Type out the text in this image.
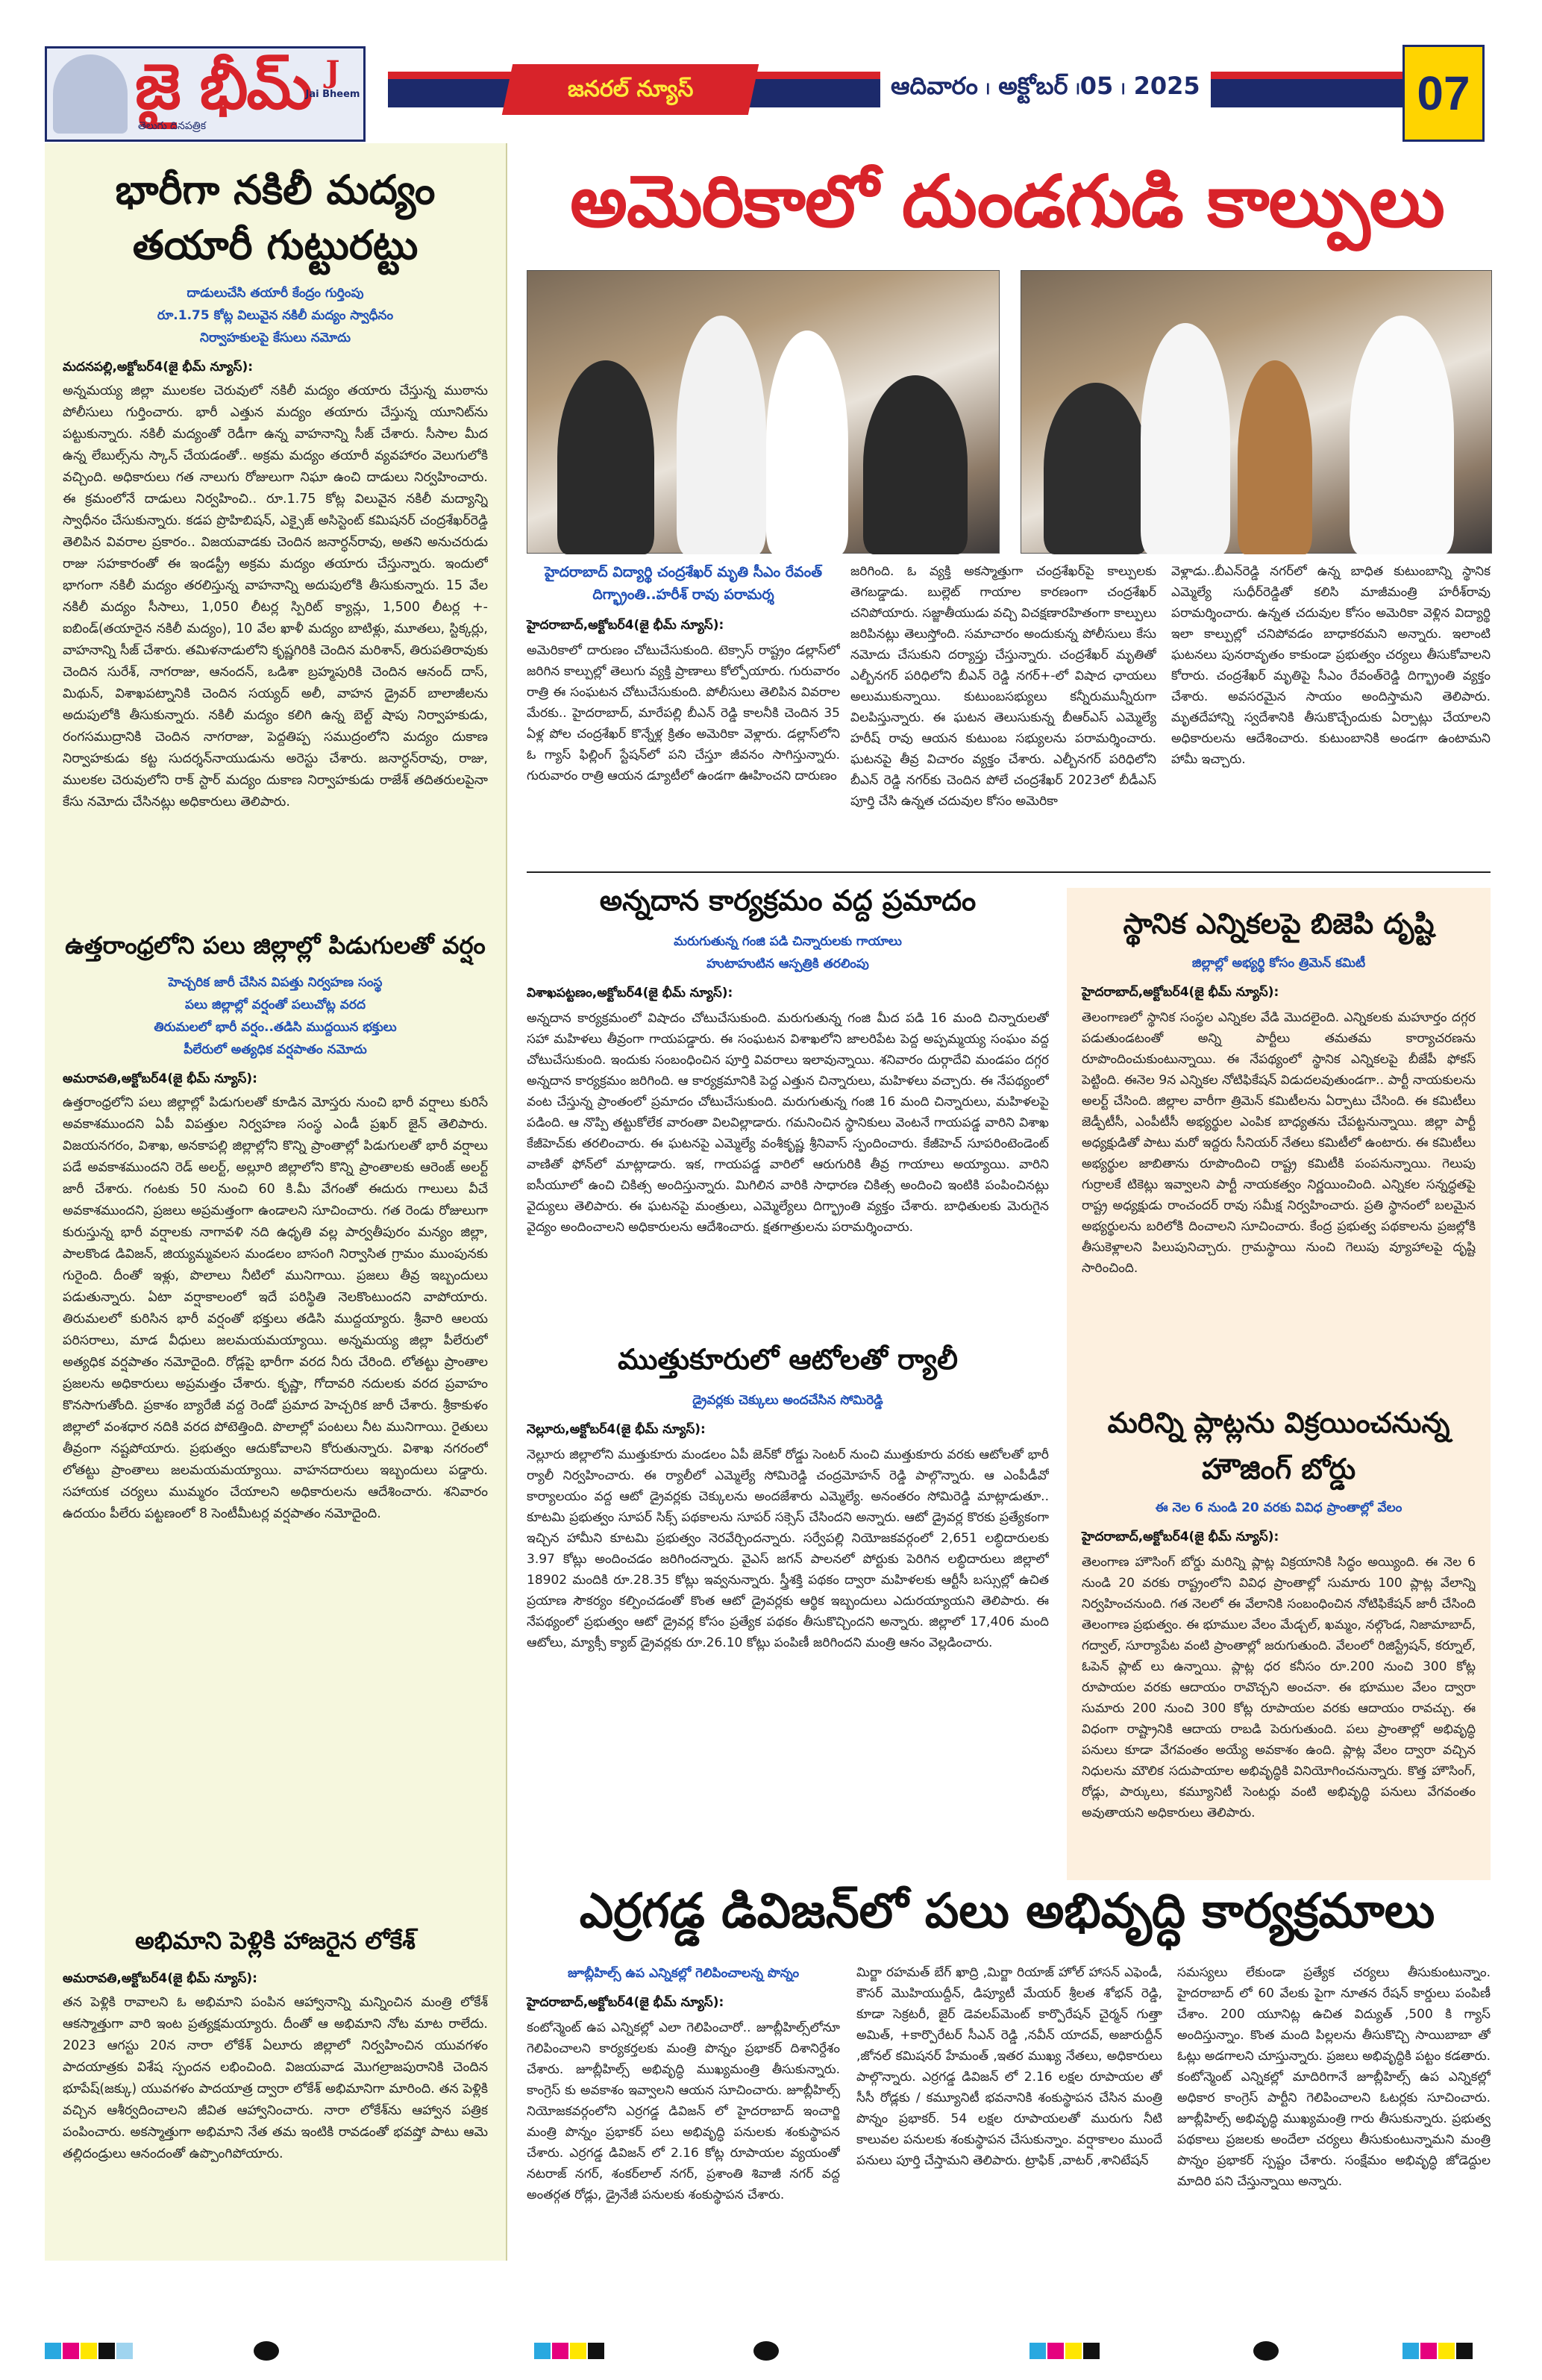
జై భీమ్
తెలుగు దినపత్రిక
J
Jai Bheem	జనరల్ న్యూస్	ఆదివారం ၊ అక్టోబర్ ၊05 ၊ 2025	07
భారీగా నకిలీ మద్యం తయారీ గుట్టురట్టు
దాడులుచేసి తయారీ కేంద్రం గుర్తింపు
రూ.1.75 కోట్ల విలువైన నకిలీ మద్యం స్వాధీనం
నిర్వాహకులపై కేసులు నమోదు
మదనపల్లి,అక్టోబర్4(జై భీమ్ న్యూస్):
అన్నమయ్య జిల్లా ములకల చెరువులో నకిలీ మద్యం తయారు చేస్తున్న ముఠాను పోలీసులు గుర్తించారు. భారీ ఎత్తున మద్యం తయారు చేస్తున్న యూనిట్‌ను పట్టుకున్నారు. నకిలీ మద్యంతో రెడీగా ఉన్న వాహనాన్ని సీజ్ చేశారు. సీసాల మీద ఉన్న లేబుల్స్‌ను స్కాన్ చేయడంతో.. అక్రమ మద్యం తయారీ వ్యవహారం వెలుగులోకి వచ్చింది. అధికారులు గత నాలుగు రోజులుగా నిఘా ఉంచి దాడులు నిర్వహించారు. ఈ క్రమంలోనే దాడులు నిర్వహించి.. రూ.1.75 కోట్ల విలువైన నకిలీ మద్యాన్ని స్వాధీనం చేసుకున్నారు. కడప ప్రొహిబిషన్, ఎక్సైజ్ అసిస్టెంట్ కమిషనర్ చంద్రశేఖర్‌రెడ్డి తెలిపిన వివరాల ప్రకారం.. విజయవాడకు చెందిన జనార్ధన్‌రావు, అతని అనుచరుడు రాజు సహకారంతో ఈ ఇండస్ట్రీ అక్రమ మద్యం తయారు చేస్తున్నారు. ఇందులో భాగంగా నకిలీ మద్యం తరలిస్తున్న వాహనాన్ని అదుపులోకి తీసుకున్నారు. 15 వేల నకిలీ మద్యం సీసాలు, 1,050 లీటర్ల స్పిరిట్ క్యాన్లు, 1,500 లీటర్ల +-ఐబిండ్(తయారైన నకిలీ మద్యం), 10 వేల ఖాళీ మద్యం బాటిళ్లు, మూతలు, స్టిక్కర్లు, వాహనాన్ని సీజ్ చేశారు. తమిళనాడులోని కృష్ణగిరికి చెందిన మరిశాన్, తిరుపతిరావుకు చెందిన సురేశ్, నాగరాజు, ఆనందన్, ఒడిశా బ్రహ్మపురికి చెందిన ఆనంద్ దాస్, మిథున్, విశాఖపట్నానికి చెందిన సయ్యద్ అలీ, వాహన డ్రైవర్ బాలాజీలను అదుపులోకి తీసుకున్నారు. నకిలీ మద్యం కలిగి ఉన్న బెల్ట్ షాపు నిర్వాహకుడు, రంగసముద్రానికి చెందిన నాగరాజు, పెద్దతిప్ప సముద్రంలోని మద్యం దుకాణ నిర్వాహకుడు కట్ట సుదర్శన్‌నాయుడును అరెస్టు చేశారు. జనార్ధన్‌రావు, రాజు, ములకల చెరువులోని రాక్ స్టార్ మద్యం దుకాణ నిర్వాహకుడు రాజేశ్ తదితరులపైనా కేసు నమోదు చేసినట్లు అధికారులు తెలిపారు.
ఉత్తరాంధ్రలోని పలు జిల్లాల్లో పిడుగులతో వర్షం
హెచ్చరిక జారీ చేసిన విపత్తు నిర్వహణ సంస్థ
పలు జిల్లాల్లో వర్షంతో పలుచోట్ల వరద
తిరుమలలో భారీ వర్షం..తడిసి ముద్దయిన భక్తులు
పీలేరులో అత్యధిక వర్షపాతం నమోదు
అమరావతి,అక్టోబర్4(జై భీమ్ న్యూస్):
ఉత్తరాంధ్రలోని పలు జిల్లాల్లో పిడుగులతో కూడిన మోస్తరు నుంచి భారీ వర్షాలు కురిసే అవకాశముందని ఏపీ విపత్తుల నిర్వహణ సంస్థ ఎండీ ప్రఖర్ జైన్ తెలిపారు. విజయనగరం, విశాఖ, అనకాపల్లి జిల్లాల్లోని కొన్ని ప్రాంతాల్లో పిడుగులతో భారీ వర్షాలు పడే అవకాశముందని రెడ్ అలర్ట్, అల్లూరి జిల్లాలోని కొన్ని ప్రాంతాలకు ఆరెంజ్ అలర్ట్ జారీ చేశారు. గంటకు 50 నుంచి 60 కి.మీ వేగంతో ఈదురు గాలులు వీచే అవకాశముందని, ప్రజలు అప్రమత్తంగా ఉండాలని సూచించారు. గత రెండు రోజులుగా కురుస్తున్న భారీ వర్షాలకు నాగావళి నది ఉధృతి వల్ల పార్వతీపురం మన్యం జిల్లా, పాలకొండ డివిజన్, జియ్యమ్మవలస మండలం బాసంగి నిర్వాసిత గ్రామం ముంపునకు గురైంది. దీంతో ఇళ్లు, పొలాలు నీటిలో మునిగాయి. ప్రజలు తీవ్ర ఇబ్బందులు పడుతున్నారు. ఏటా వర్షాకాలంలో ఇదే పరిస్థితి నెలకొంటుందని వాపోయారు. తిరుమలలో కురిసిన భారీ వర్షంతో భక్తులు తడిసి ముద్దయ్యారు. శ్రీవారి ఆలయ పరిసరాలు, మాడ వీధులు జలమయమయ్యాయి. అన్నమయ్య జిల్లా పీలేరులో అత్యధిక వర్షపాతం నమోదైంది. రోడ్లపై భారీగా వరద నీరు చేరింది. లోతట్టు ప్రాంతాల ప్రజలను అధికారులు అప్రమత్తం చేశారు. కృష్ణా, గోదావరి నదులకు వరద ప్రవాహం కొనసాగుతోంది. ప్రకాశం బ్యారేజీ వద్ద రెండో ప్రమాద హెచ్చరిక జారీ చేశారు. శ్రీకాకుళం జిల్లాలో వంశధార నదికి వరద పోటెత్తింది. పొలాల్లో పంటలు నీట మునిగాయి. రైతులు తీవ్రంగా నష్టపోయారు. ప్రభుత్వం ఆదుకోవాలని కోరుతున్నారు. విశాఖ నగరంలో లోతట్టు ప్రాంతాలు జలమయమయ్యాయి. వాహనదారులు ఇబ్బందులు పడ్డారు. సహాయక చర్యలు ముమ్మరం చేయాలని అధికారులను ఆదేశించారు. శనివారం ఉదయం పీలేరు పట్టణంలో 8 సెంటీమీటర్ల వర్షపాతం నమోదైంది.
అభిమాని పెళ్లికి హాజరైన లోకేశ్
అమరావతి,అక్టోబర్4(జై భీమ్ న్యూస్):
తన పెళ్లికి రావాలని ఓ అభిమాని పంపిన ఆహ్వానాన్ని మన్నించిన మంత్రి లోకేశ్ ఆకస్మాత్తుగా వారి ఇంట ప్రత్యక్షమయ్యారు. దీంతో ఆ అభిమాని నోట మాట రాలేదు. 2023 ఆగస్టు 20న నారా లోకేశ్ ఏలూరు జిల్లాలో నిర్వహించిన యువగళం పాదయాత్రకు విశేష స్పందన లభించింది. విజయవాడ మొగల్రాజపురానికి చెందిన భూపేష్(జక్కు) యువగళం పాదయాత్ర ద్వారా లోకేశ్ అభిమానిగా మారింది. తన పెళ్లికి వచ్చిన ఆశీర్వదించాలని జీవిత ఆహ్వానించారు. నారా లోకేశ్‌ను ఆహ్వాన పత్రిక పంపించారు. అకస్మాత్తుగా అభిమాని నేత తమ ఇంటికి రావడంతో భవష్తో పాటు ఆమె తల్లిదండ్రులు ఆనందంతో ఉప్పొంగిపోయారు.
అమెరికాలో దుండగుడి కాల్పులు
హైదరాబాద్ విద్యార్థి చంద్రశేఖర్ మృతి సీఎం రేవంత్ దిగ్భ్రాంతి..హరీశ్ రావు పరామర్శ
హైదరాబాద్,అక్టోబర్4(జై భీమ్ న్యూస్):
అమెరికాలో దారుణం చోటుచేసుకుంది. టెక్సాస్ రాష్ట్రం డల్లాస్‌లో జరిగిన కాల్పుల్లో తెలుగు వ్యక్తి ప్రాణాలు కోల్పోయారు. గురువారం రాత్రి ఈ సంఘటన చోటుచేసుకుంది. పోలీసులు తెలిపిన వివరాల మేరకు.. హైదరాబాద్, మారేపల్లి బీఎన్ రెడ్డి కాలనీకి చెందిన 35 ఏళ్ల పోల చంద్రశేఖర్ కొన్నేళ్ల క్రితం అమెరికా వెళ్లారు. డల్లాస్‌లోని ఓ గ్యాస్ ఫిల్లింగ్ స్టేషన్‌లో పని చేస్తూ జీవనం సాగిస్తున్నారు. గురువారం రాత్రి ఆయన డ్యూటీలో ఉండగా ఊహించని దారుణం
జరిగింది. ఓ వ్యక్తి అకస్మాత్తుగా చంద్రశేఖర్‌పై కాల్పులకు తెగబడ్డాడు. బుల్లెట్ గాయాల కారణంగా చంద్రశేఖర్ చనిపోయారు. సజ్జాతీయుడు వచ్చి విచక్షణారహితంగా కాల్పులు జరిపినట్లు తెలుస్తోంది. సమాచారం అందుకున్న పోలీసులు కేసు నమోదు చేసుకుని దర్యాప్తు చేస్తున్నారు. చంద్రశేఖర్ మృతితో ఎల్బీనగర్ పరిధిలోని బీఎన్ రెడ్డి నగర్+-లో విషాద ఛాయలు అలుముకున్నాయి. కుటుంబసభ్యులు కన్నీరుమున్నీరుగా విలపిస్తున్నారు. ఈ ఘటన తెలుసుకున్న బీఆర్ఎస్ ఎమ్మెల్యే హరీష్ రావు ఆయన కుటుంబ సభ్యులను పరామర్శించారు. ఘటనపై తీవ్ర విచారం వ్యక్తం చేశారు. ఎల్బీనగర్ పరిధిలోని బీఎన్ రెడ్డి నగర్‌కు చెందిన పోలే చంద్రశేఖర్ 2023లో బీడీఎస్ పూర్తి చేసి ఉన్నత చదువుల కోసం అమెరికా
వెళ్లాడు..బీఎన్‌రెడ్డి నగర్‌లో ఉన్న బాధిత కుటుంబాన్ని స్థానిక ఎమ్మెల్యే సుధీర్‌రెడ్డితో కలిసి మాజీమంత్రి హరీశ్‌రావు పరామర్శించారు. ఉన్నత చదువుల కోసం అమెరికా వెళ్లిన విద్యార్థి ఇలా కాల్పుల్లో చనిపోవడం బాధాకరమని అన్నారు. ఇలాంటి ఘటనలు పునరావృతం కాకుండా ప్రభుత్వం చర్యలు తీసుకోవాలని కోరారు. చంద్రశేఖర్ మృతిపై సీఎం రేవంత్‌రెడ్డి దిగ్భ్రాంతి వ్యక్తం చేశారు. అవసరమైన సాయం అందిస్తామని తెలిపారు. మృతదేహాన్ని స్వదేశానికి తీసుకొచ్చేందుకు ఏర్పాట్లు చేయాలని అధికారులను ఆదేశించారు. కుటుంబానికి అండగా ఉంటామని హామీ ఇచ్చారు.
అన్నదాన కార్యక్రమం వద్ద ప్రమాదం
మరుగుతున్న గంజి పడి చిన్నారులకు గాయాలు
హుటాహుటిన ఆస్పత్రికి తరలింపు
విశాఖపట్టణం,అక్టోబర్4(జై భీమ్ న్యూస్):
అన్నదాన కార్యక్రమంలో విషాదం చోటుచేసుకుంది. మరుగుతున్న గంజి మీద పడి 16 మంది చిన్నారులతో సహా మహిళలు తీవ్రంగా గాయపడ్డారు. ఈ సంఘటన విశాఖలోని జాలరిపేట పెద్ద అప్పమ్మయ్య సంఘం వద్ద చోటుచేసుకుంది. ఇందుకు సంబంధించిన పూర్తి వివరాలు ఇలావున్నాయి. శనివారం దుర్గాదేవి మండపం దగ్గర అన్నదాన కార్యక్రమం జరిగింది. ఆ కార్యక్రమానికి పెద్ద ఎత్తున చిన్నారులు, మహిళలు వచ్చారు. ఈ నేపథ్యంలో వంట చేస్తున్న ప్రాంతంలో ప్రమాదం చోటుచేసుకుంది. మరుగుతున్న గంజి 16 మంది చిన్నారులు, మహిళలపై పడింది. ఆ నొప్పి తట్టుకోలేక వారంతా విలవిల్లాడారు. గమనించిన స్థానికులు వెంటనే గాయపడ్డ వారిని విశాఖ కేజీహెచ్‌కు తరలించారు. ఈ ఘటనపై ఎమ్మెల్యే వంశీకృష్ణ శ్రీనివాస్ స్పందించారు. కేజీహెచ్ సూపరింటెండెంట్ వాణితో ఫోన్‌లో మాట్లాడారు. ఇక, గాయపడ్డ వారిలో ఆరుగురికి తీవ్ర గాయాలు అయ్యాయి. వారిని ఐసీయూలో ఉంచి చికిత్స అందిస్తున్నారు. మిగిలిన వారికి సాధారణ చికిత్స అందించి ఇంటికి పంపించినట్లు వైద్యులు తెలిపారు. ఈ ఘటనపై మంత్రులు, ఎమ్మెల్యేలు దిగ్భ్రాంతి వ్యక్తం చేశారు. బాధితులకు మెరుగైన వైద్యం అందించాలని అధికారులను ఆదేశించారు. క్షతగాత్రులను పరామర్శించారు.
ముత్తుకూరులో ఆటోలతో ర్యాలీ
డ్రైవర్లకు చెక్కులు అందచేసిన సోమిరెడ్డి
నెల్లూరు,అక్టోబర్4(జై భీమ్ న్యూస్):
నెల్లూరు జిల్లాలోని ముత్తుకూరు మండలం ఏపీ జెన్‌కో రోడ్డు సెంటర్ నుంచి ముత్తుకూరు వరకు ఆటోలతో భారీ ర్యాలీ నిర్వహించారు. ఈ ర్యాలీలో ఎమ్మెల్యే సోమిరెడ్డి చంద్రమోహన్ రెడ్డి పాల్గొన్నారు. ఆ ఎంపీడీవో కార్యాలయం వద్ద ఆటో డ్రైవర్లకు చెక్కులను అందజేశారు ఎమ్మెల్యే. అనంతరం సోమిరెడ్డి మాట్లాడుతూ.. కూటమి ప్రభుత్వం సూపర్ సిక్స్ పథకాలను సూపర్ సక్సెస్ చేసిందని అన్నారు. ఆటో డ్రైవర్ల కొరకు ప్రత్యేకంగా ఇచ్చిన హామీని కూటమి ప్రభుత్వం నెరవేర్చిందన్నారు. సర్వేపల్లి నియోజకవర్గంలో 2,651 లబ్ధిదారులకు 3.97 కోట్లు అందించడం జరిగిందన్నారు. వైఎస్ జగన్ పాలనలో పోర్టుకు పెరిగిన లబ్ధిదారులు జిల్లాలో 18902 మందికి రూ.28.35 కోట్లు ఇవ్వనున్నారు. స్త్రీశక్తి పథకం ద్వారా మహిళలకు ఆర్టీసీ బస్సుల్లో ఉచిత ప్రయాణ సౌకర్యం కల్పించడంతో కొంత ఆటో డ్రైవర్లకు ఆర్థిక ఇబ్బందులు ఎదురయ్యాయని తెలిపారు. ఈ నేపథ్యంలో ప్రభుత్వం ఆటో డ్రైవర్ల కోసం ప్రత్యేక పథకం తీసుకొచ్చిందని అన్నారు. జిల్లాలో 17,406 మంది ఆటోలు, మ్యాక్సీ క్యాబ్ డ్రైవర్లకు రూ.26.10 కోట్లు పంపిణీ జరిగిందని మంత్రి ఆనం వెల్లడించారు.
స్థానిక ఎన్నికలపై బిజెపి దృష్టి
జిల్లాల్లో అభ్యర్థి కోసం త్రిమెన్ కమిటీ
హైదరాబాద్,అక్టోబర్4(జై భీమ్ న్యూస్):
తెలంగాణలో స్థానిక సంస్థల ఎన్నికల వేడి మొదలైంది. ఎన్నికలకు మహూర్తం దగ్గర పడుతుండటంతో అన్ని పార్టీలు తమతమ కార్యాచరణను రూపొందించుకుంటున్నాయి. ఈ నేపథ్యంలో స్థానిక ఎన్నికలపై బీజేపీ ఫోకస్ పెట్టింది. ఈనెల 9న ఎన్నికల నోటిఫికేషన్ విడుదలవుతుండగా.. పార్టీ నాయకులను అలర్ట్ చేసింది. జిల్లాల వారీగా త్రిమెన్ కమిటీలను ఏర్పాటు చేసింది. ఈ కమిటీలు జెడ్పీటీసీ, ఎంపీటీసీ అభ్యర్థుల ఎంపిక బాధ్యతను చేపట్టనున్నాయి. జిల్లా పార్టీ అధ్యక్షుడితో పాటు మరో ఇద్దరు సీనియర్ నేతలు కమిటీలో ఉంటారు. ఈ కమిటీలు అభ్యర్థుల జాబితాను రూపొందించి రాష్ట్ర కమిటీకి పంపనున్నాయి. గెలుపు గుర్రాలకే టికెట్లు ఇవ్వాలని పార్టీ నాయకత్వం నిర్ణయించింది. ఎన్నికల సన్నద్ధతపై రాష్ట్ర అధ్యక్షుడు రాంచందర్ రావు సమీక్ష నిర్వహించారు. ప్రతి స్థానంలో బలమైన అభ్యర్థులను బరిలోకి దించాలని సూచించారు. కేంద్ర ప్రభుత్వ పథకాలను ప్రజల్లోకి తీసుకెళ్లాలని పిలుపునిచ్చారు. గ్రామస్థాయి నుంచి గెలుపు వ్యూహాలపై దృష్టి సారించింది.
మరిన్ని ప్లాట్లను విక్రయించనున్న హౌజింగ్ బోర్డు
ఈ నెల 6 నుండి 20 వరకు వివిధ ప్రాంతాల్లో వేలం
హైదరాబాద్,అక్టోబర్4(జై భీమ్ న్యూస్):
తెలంగాణ హౌసింగ్ బోర్డు మరిన్ని ప్లాట్ల విక్రయానికి సిద్ధం అయ్యింది. ఈ నెల 6 నుండి 20 వరకు రాష్ట్రంలోని వివిధ ప్రాంతాల్లో సుమారు 100 ప్లాట్ల వేలాన్ని నిర్వహించనుంది. గత నెలలో ఈ వేలానికి సంబంధించిన నోటిఫికేషన్ జారీ చేసింది తెలంగాణ ప్రభుత్వం. ఈ భూముల వేలం మేడ్చల్, ఖమ్మం, నల్గొండ, నిజామాబాద్, గద్వాల్, సూర్యాపేట వంటి ప్రాంతాల్లో జరుగుతుంది. వేలంలో రిజిస్ట్రేషన్, కర్నూల్, ఓపెన్ ప్లాట్ లు ఉన్నాయి. ప్లాట్ల ధర కనీసం రూ.200 నుంచి 300 కోట్ల రూపాయల వరకు ఆదాయం రావొచ్చని అంచనా. ఈ భూముల వేలం ద్వారా సుమారు 200 నుంచి 300 కోట్ల రూపాయల వరకు ఆదాయం రావచ్చు. ఈ విధంగా రాష్ట్రానికి ఆదాయ రాబడి పెరుగుతుంది. పలు ప్రాంతాల్లో అభివృద్ధి పనులు కూడా వేగవంతం అయ్యే అవకాశం ఉంది. ప్లాట్ల వేలం ద్వారా వచ్చిన నిధులను మౌలిక సదుపాయాల అభివృద్ధికి వినియోగించనున్నారు. కొత్త హౌసింగ్, రోడ్లు, పార్కులు, కమ్యూనిటీ సెంటర్లు వంటి అభివృద్ధి పనులు వేగవంతం అవుతాయని అధికారులు తెలిపారు.
ఎర్రగడ్డ డివిజన్‌లో పలు అభివృద్ధి కార్యక్రమాలు
జూబ్లీహిల్స్ ఉప ఎన్నికల్లో గెలిపించాలన్న పొన్నం
హైదరాబాద్,అక్టోబర్4(జై భీమ్ న్యూస్):
కంటోన్మెంట్ ఉప ఎన్నికల్లో ఎలా గెలిపించారో.. జూబ్లీహిల్స్‌లోనూ గెలిపించాలని కార్యకర్తలకు మంత్రి పొన్నం ప్రభాకర్ దిశానిర్దేశం చేశారు. జూబ్లీహిల్స్ అభివృద్ధి ముఖ్యమంత్రి తీసుకున్నారు. కాంగ్రెస్ కు అవకాశం ఇవ్వాలని ఆయన సూచించారు. జూబ్లీహిల్స్ నియోజకవర్గంలోని ఎర్రగడ్డ డివిజన్ లో హైదరాబాద్ ఇంచార్జి మంత్రి పొన్నం ప్రభాకర్ పలు అభివృద్ధి పనులకు శంకుస్థాపన చేశారు. ఎర్రగడ్డ డివిజన్ లో 2.16 కోట్ల రూపాయల వ్యయంతో నటరాజ్ నగర్, శంకర్‌లాల్ నగర్, ప్రశాంతి శివాజీ నగర్ వద్ద అంతర్గత రోడ్లు, డ్రైనేజీ పనులకు శంకుస్థాపన చేశారు.
మిర్జా రహమత్ బేగ్ ఖాద్రి ,మిర్జా రియాజ్ హోల్ హాసన్ ఎఫెండీ, కౌసర్ మొహియుద్దీన్, డిప్యూటీ మేయర్ శ్రీలత శోభన్ రెడ్డి, కూడా సెక్రటరీ, జైర్ డెవలప్‌మెంట్ కార్పొరేషన్ చైర్మన్ గుత్తా అమిత్, +కార్పొరేటర్ సీఎన్ రెడ్డి ,నవీన్ యాదవ్, అజారుద్దీన్ ,జోనల్ కమిషనర్ హేమంత్ ,ఇతర ముఖ్య నేతలు, అధికారులు పాల్గొన్నారు. ఎర్రగడ్డ డివిజన్ లో 2.16 లక్షల రూపాయల తో సీసీ రోడ్లకు / కమ్యూనిటీ భవనానికి శంకుస్థాపన చేసిన మంత్రి పొన్నం ప్రభాకర్. 54 లక్షల రూపాయలతో మురుగు నీటి కాలువల పనులకు శంకుస్థాపన చేసుకున్నాం. వర్షాకాలం ముందే పనులు పూర్తి చేస్తామని తెలిపారు. ట్రాఫిక్ ,వాటర్ ,శానిటేషన్
సమస్యలు లేకుండా ప్రత్యేక చర్యలు తీసుకుంటున్నాం. హైదరాబాద్ లో 60 వేలకు పైగా నూతన రేషన్ కార్డులు పంపిణీ చేశాం. 200 యూనిట్ల ఉచిత విద్యుత్ ,500 కి గ్యాస్ అందిస్తున్నాం. కొంత మంది పిల్లలను తీసుకొచ్చి సాయిబాబా తో ఓట్లు అడగాలని చూస్తున్నారు. ప్రజలు అభివృద్ధికి పట్టం కడతారు. కంటోన్మెంట్ ఎన్నికల్లో మాదిరిగానే జూబ్లీహిల్స్ ఉప ఎన్నికల్లో అధికార కాంగ్రెస్ పార్టీని గెలిపించాలని ఓటర్లకు సూచించారు. జూబ్లీహిల్స్ అభివృద్ధి ముఖ్యమంత్రి గారు తీసుకున్నారు. ప్రభుత్వ పథకాలు ప్రజలకు అందేలా చర్యలు తీసుకుంటున్నామని మంత్రి పొన్నం ప్రభాకర్ స్పష్టం చేశారు. సంక్షేమం అభివృద్ధి జోడెద్దుల మాదిరి పని చేస్తున్నాయి అన్నారు.
